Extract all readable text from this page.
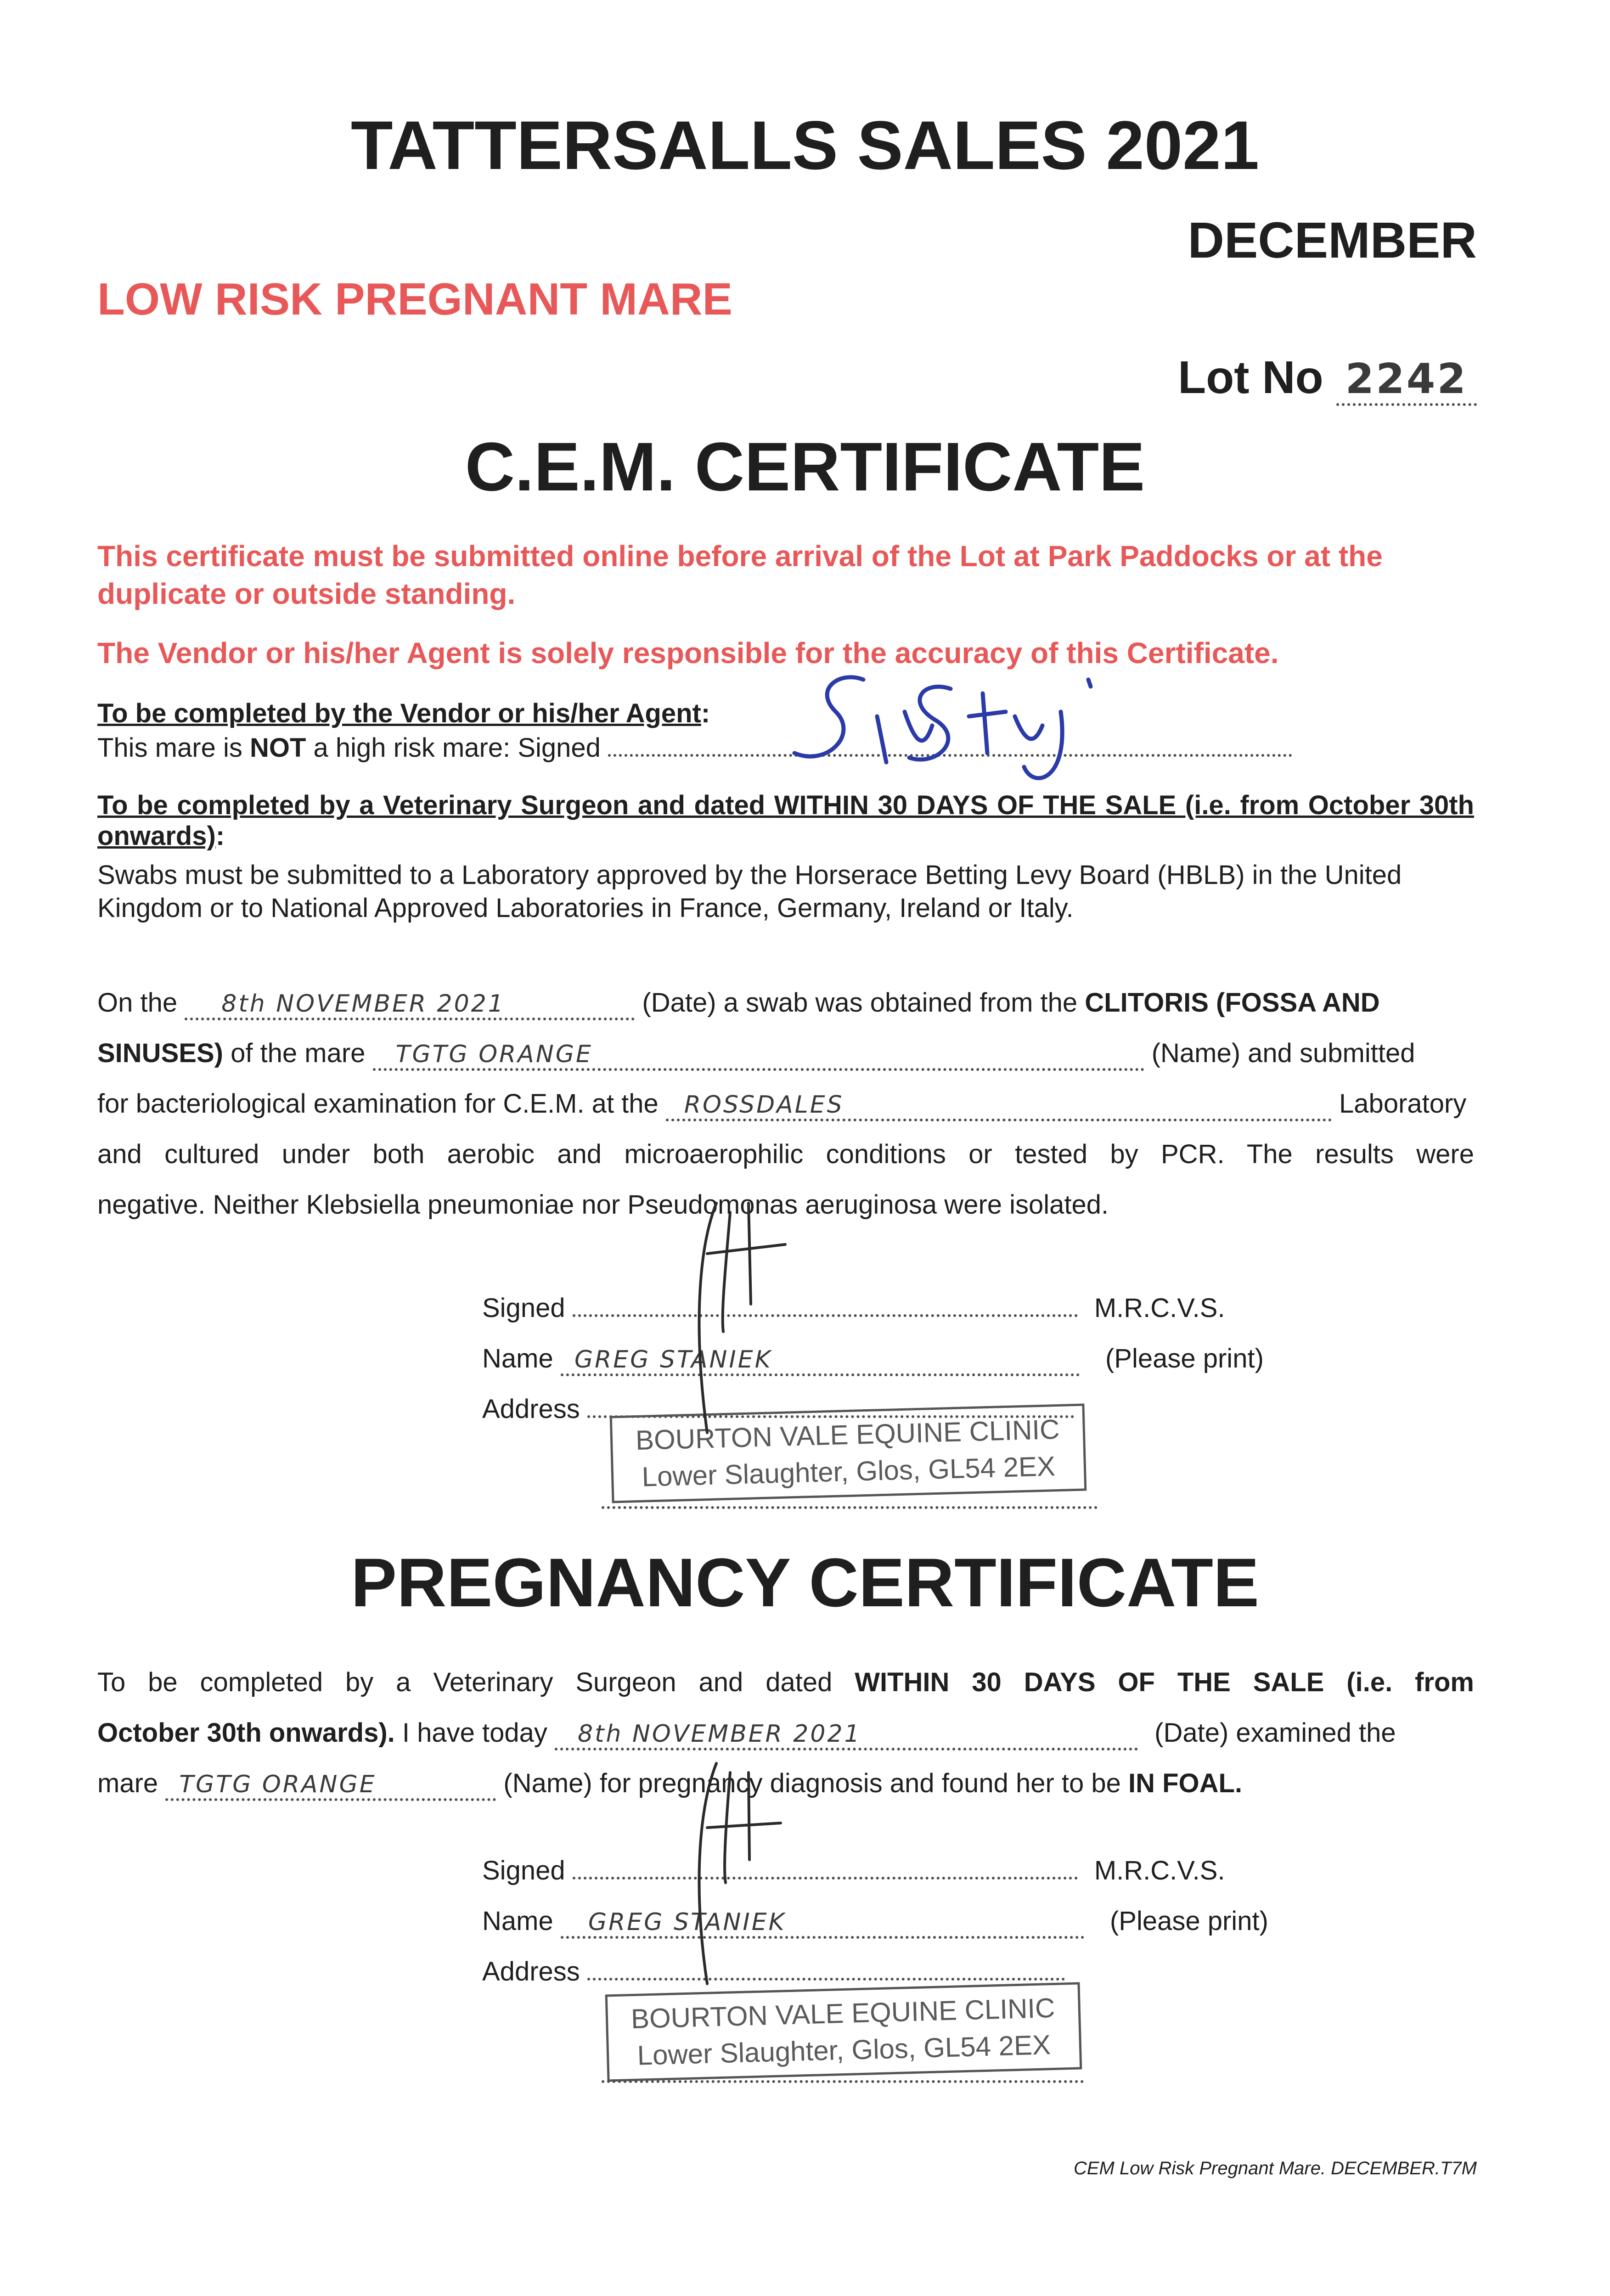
TATTERSALLS SALES 2021
DECEMBER
LOW RISK PREGNANT MARE
Lot No 2242
C.E.M. CERTIFICATE
This certificate must be submitted online before arrival of the Lot at Park Paddocks or at the duplicate or outside standing.
The Vendor or his/her Agent is solely responsible for the accuracy of this Certificate.
To be completed by the Vendor or his/her Agent:
This mare is NOT a high risk mare: Signed
To be completed by a Veterinary Surgeon and dated WITHIN 30 DAYS OF THE SALE (i.e. from October 30th onwards):
Swabs must be submitted to a Laboratory approved by the Horserace Betting Levy Board (HBLB) in the United Kingdom or to National Approved Laboratories in France, Germany, Ireland or Italy.
On the 8th NOVEMBER 2021	(Date) a swab was obtained from the CLITORIS (FOSSA AND
SINUSES) of the mare TGTG ORANGE	(Name) and submitted
for bacteriological examination for C.E.M. at the ROSSDALES	Laboratory
and cultured under both aerobic and microaerophilic conditions or tested by PCR. The results were
negative. Neither Klebsiella pneumoniae nor Pseudomonas aeruginosa were isolated.
Signed	M.R.C.V.S.
Name GREG STANIEK	(Please print)
Address
BOURTON VALE EQUINE CLINIC
Lower Slaughter, Glos, GL54 2EX
PREGNANCY CERTIFICATE
To be completed by a Veterinary Surgeon and dated WITHIN 30 DAYS OF THE SALE (i.e. from
October 30th onwards). I have today 8th NOVEMBER 2021	(Date) examined the
mare TGTG ORANGE	(Name) for pregnancy diagnosis and found her to be IN FOAL.
Signed	M.R.C.V.S.
Name GREG STANIEK	(Please print)
Address
BOURTON VALE EQUINE CLINIC
Lower Slaughter, Glos, GL54 2EX
CEM Low Risk Pregnant Mare. DECEMBER.T7M
